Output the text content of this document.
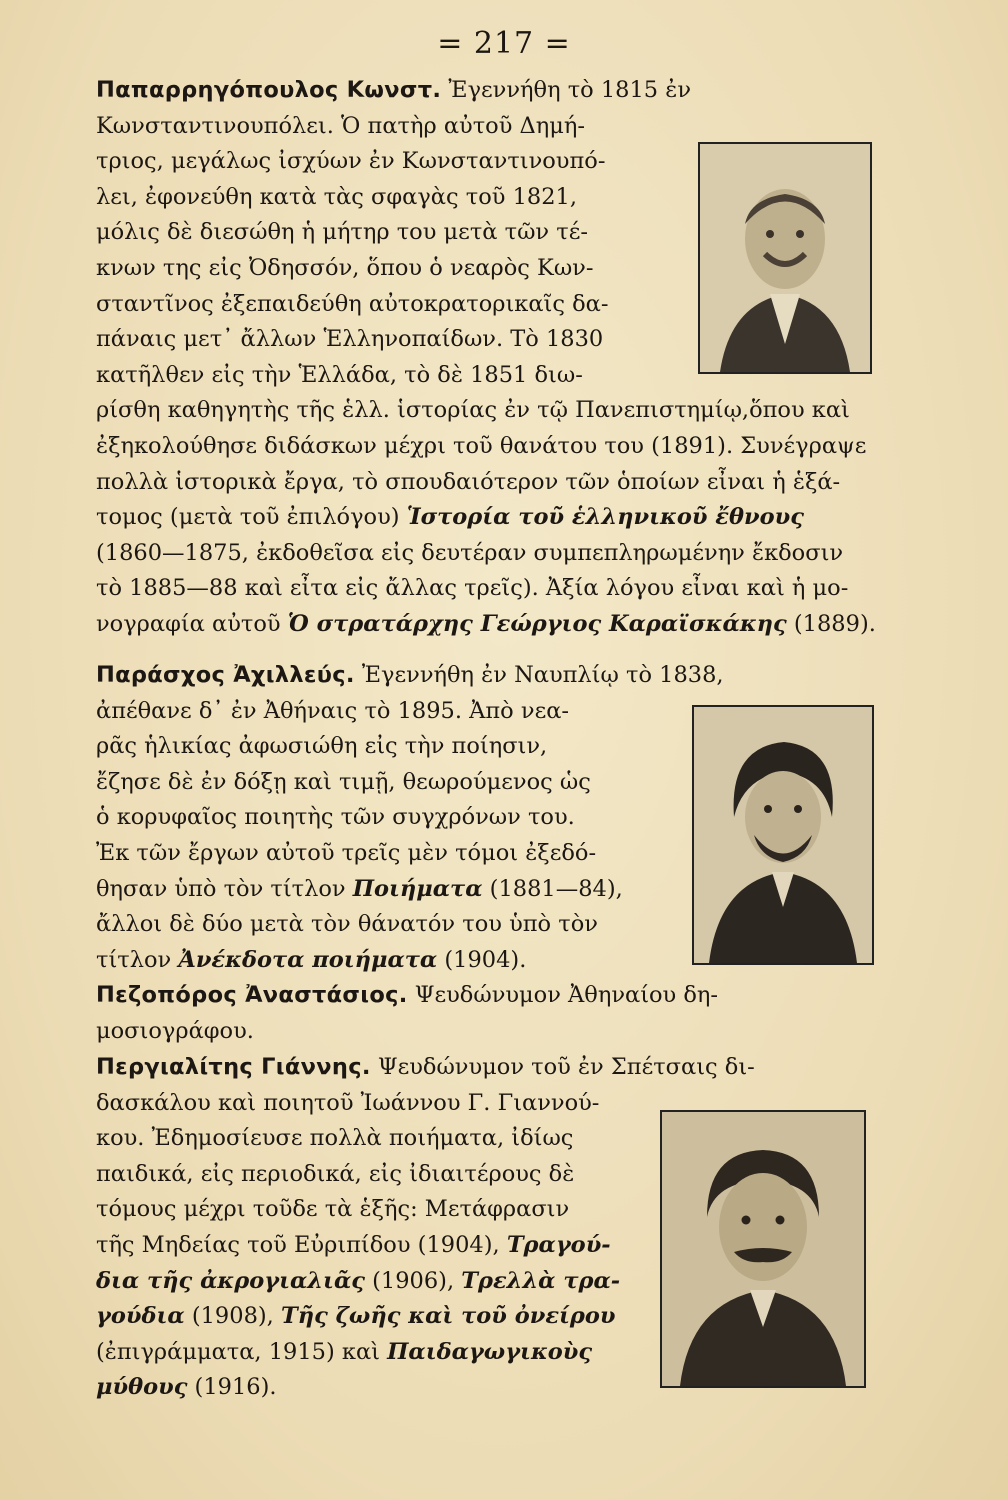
= 217 =
Παπαρρηγόπουλος Κωνστ. Ἐγεννήθη τὸ 1815 ἐν
Κωνσταντινουπόλει. Ὁ πατὴρ αὐτοῦ Δημή-
τριος, μεγάλως ἰσχύων ἐν Κωνσταντινουπό-
λει, ἐφονεύθη κατὰ τὰς σφαγὰς τοῦ 1821,
μόλις δὲ διεσώθη ἡ μήτηρ του μετὰ τῶν τέ-
κνων της εἰς Ὀδησσόν, ὅπου ὁ νεαρὸς Κων-
σταντῖνος ἐξεπαιδεύθη αὐτοκρατορικαῖς δα-
πάναις μετ᾽ ἄλλων Ἑλληνοπαίδων. Τὸ 1830
κατῆλθεν εἰς τὴν Ἑλλάδα, τὸ δὲ 1851 διω-
ρίσθη καθηγητὴς τῆς ἑλλ. ἱστορίας ἐν τῷ Πανεπιστημίῳ,ὅπου καὶ
ἐξηκολούθησε διδάσκων μέχρι τοῦ θανάτου του (1891). Συνέγραψε
πολλὰ ἱστορικὰ ἔργα, τὸ σπουδαιότερον τῶν ὁποίων εἶναι ἡ ἑξά-
τομος (μετὰ τοῦ ἐπιλόγου) Ἱστορία τοῦ ἑλληνικοῦ ἔθνους
(1860—1875, ἐκδοθεῖσα εἰς δευτέραν συμπεπληρωμένην ἔκδοσιν
τὸ 1885—88 καὶ εἶτα εἰς ἄλλας τρεῖς). Ἀξία λόγου εἶναι καὶ ἡ μο-
νογραφία αὐτοῦ Ὁ στρατάρχης Γεώργιος Καραϊσκάκης (1889).
Παράσχος Ἀχιλλεύς. Ἐγεννήθη ἐν Ναυπλίῳ τὸ 1838,
ἀπέθανε δ᾽ ἐν Ἀθήναις τὸ 1895. Ἀπὸ νεα-
ρᾶς ἡλικίας ἀφωσιώθη εἰς τὴν ποίησιν,
ἔζησε δὲ ἐν δόξῃ καὶ τιμῇ, θεωρούμενος ὡς
ὁ κορυφαῖος ποιητὴς τῶν συγχρόνων του.
Ἐκ τῶν ἔργων αὐτοῦ τρεῖς μὲν τόμοι ἐξεδό-
θησαν ὑπὸ τὸν τίτλον Ποιήματα (1881—84),
ἄλλοι δὲ δύο μετὰ τὸν θάνατόν του ὑπὸ τὸν
τίτλον Ἀνέκδοτα ποιήματα (1904).
Πεζοπόρος Ἀναστάσιος. Ψευδώνυμον Ἀθηναίου δη-
μοσιογράφου.
Περγιαλίτης Γιάννης. Ψευδώνυμον τοῦ ἐν Σπέτσαις δι-
δασκάλου καὶ ποιητοῦ Ἰωάννου Γ. Γιαννού-
κου. Ἐδημοσίευσε πολλὰ ποιήματα, ἰδίως
παιδικά, εἰς περιοδικά, εἰς ἰδιαιτέρους δὲ
τόμους μέχρι τοῦδε τὰ ἑξῆς: Μετάφρασιν
τῆς Μηδείας τοῦ Εὐριπίδου (1904), Τραγού-
δια τῆς ἀκρογιαλιᾶς (1906), Τρελλὰ τρα-
γούδια (1908), Τῆς ζωῆς καὶ τοῦ ὀνείρου
(ἐπιγράμματα, 1915) καὶ Παιδαγωγικοὺς
μύθους (1916).
